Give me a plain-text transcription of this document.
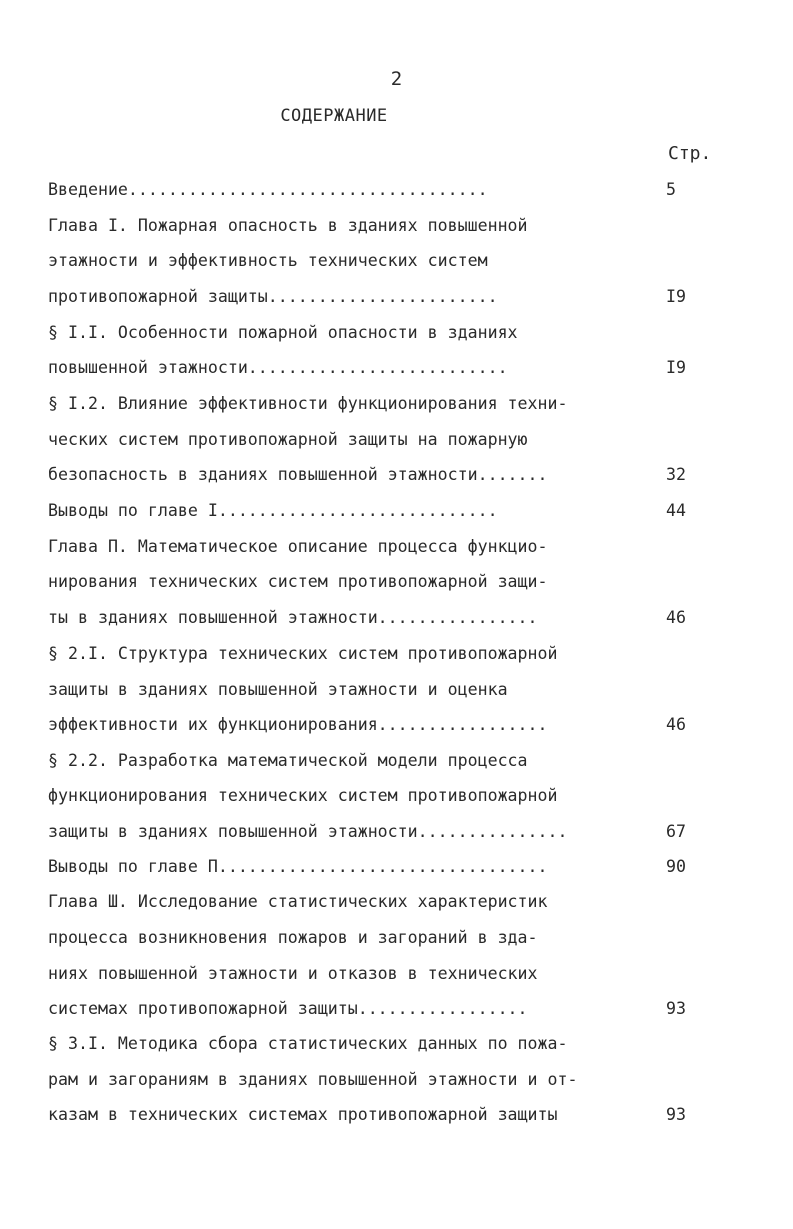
2
СОДЕРЖАНИЕ
Стр.
Введение....................................	5
Глава I. Пожарная опасность в зданиях повышенной
этажности и эффективность технических систем
противопожарной защиты.......................	I9
§ I.I. Особенности пожарной опасности в зданиях
повышенной этажности..........................	I9
§ I.2. Влияние эффективности функционирования техни-
ческих систем противопожарной защиты на пожарную
безопасность в зданиях повышенной этажности.......	32
Выводы по главе I............................	44
Глава П. Математическое описание процесса функцио-
нирования технических систем противопожарной защи-
ты в зданиях повышенной этажности................	46
§ 2.I. Структура технических систем противопожарной
защиты в зданиях повышенной этажности и оценка
эффективности их функционирования.................	46
§ 2.2. Разработка математической модели процесса
функционирования технических систем противопожарной
защиты в зданиях повышенной этажности...............	67
Выводы по главе П.................................	90
Глава Ш. Исследование статистических характеристик
процесса возникновения пожаров и загораний в зда-
ниях повышенной этажности и отказов в технических
системах противопожарной защиты.................	93
§ 3.I. Методика сбора статистических данных по пожа-
рам и загораниям в зданиях повышенной этажности и от-
казам в технических системах противопожарной защиты	93
